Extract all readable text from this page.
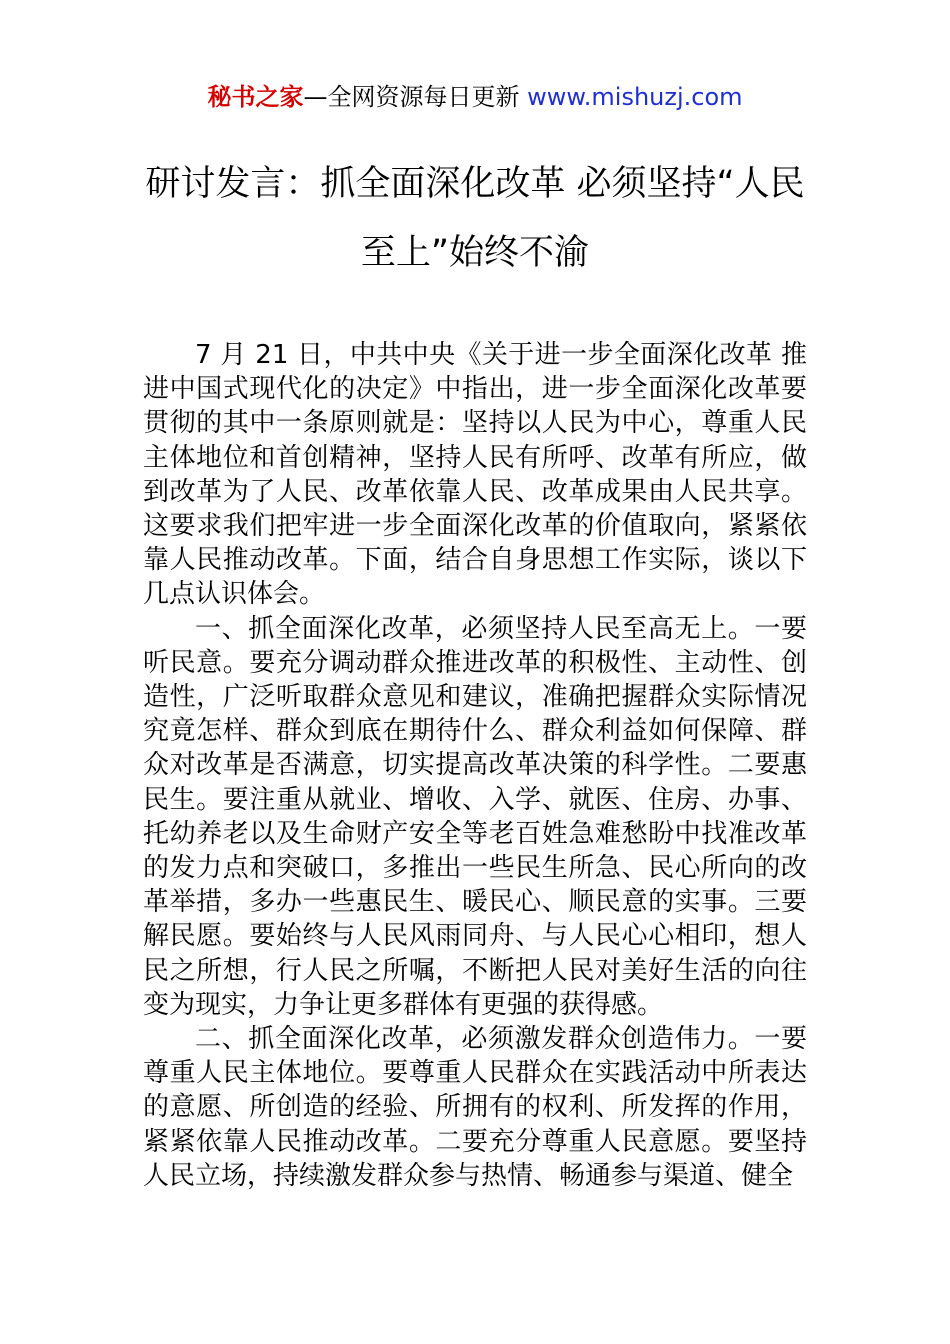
秘书之家—全网资源每日更新 www.mishuzj.com
研讨发言：抓全面深化改革 必须坚持“人民至上”始终不渝

7 月 21 日，中共中央《关于进一步全面深化改革 推进中国式现代化的决定》中指出，进一步全面深化改革要贯彻的其中一条原则就是：坚持以人民为中心，尊重人民主体地位和首创精神，坚持人民有所呼、改革有所应，做到改革为了人民、改革依靠人民、改革成果由人民共享。这要求我们把牢进一步全面深化改革的价值取向，紧紧依靠人民推动改革。下面，结合自身思想工作实际，谈以下几点认识体会。

一、抓全面深化改革，必须坚持人民至高无上。一要听民意。要充分调动群众推进改革的积极性、主动性、创造性，广泛听取群众意见和建议，准确把握群众实际情况究竟怎样、群众到底在期待什么、群众利益如何保障、群众对改革是否满意，切实提高改革决策的科学性。二要惠民生。要注重从就业、增收、入学、就医、住房、办事、托幼养老以及生命财产安全等老百姓急难愁盼中找准改革的发力点和突破口，多推出一些民生所急、民心所向的改革举措，多办一些惠民生、暖民心、顺民意的实事。三要解民愿。要始终与人民风雨同舟、与人民心心相印，想人民之所想，行人民之所嘱，不断把人民对美好生活的向往变为现实，力争让更多群体有更强的获得感。

二、抓全面深化改革，必须激发群众创造伟力。一要尊重人民主体地位。要尊重人民群众在实践活动中所表达的意愿、所创造的经验、所拥有的权利、所发挥的作用，紧紧依靠人民推动改革。二要充分尊重人民意愿。要坚持人民立场，持续激发群众参与热情、畅通参与渠道、健全
